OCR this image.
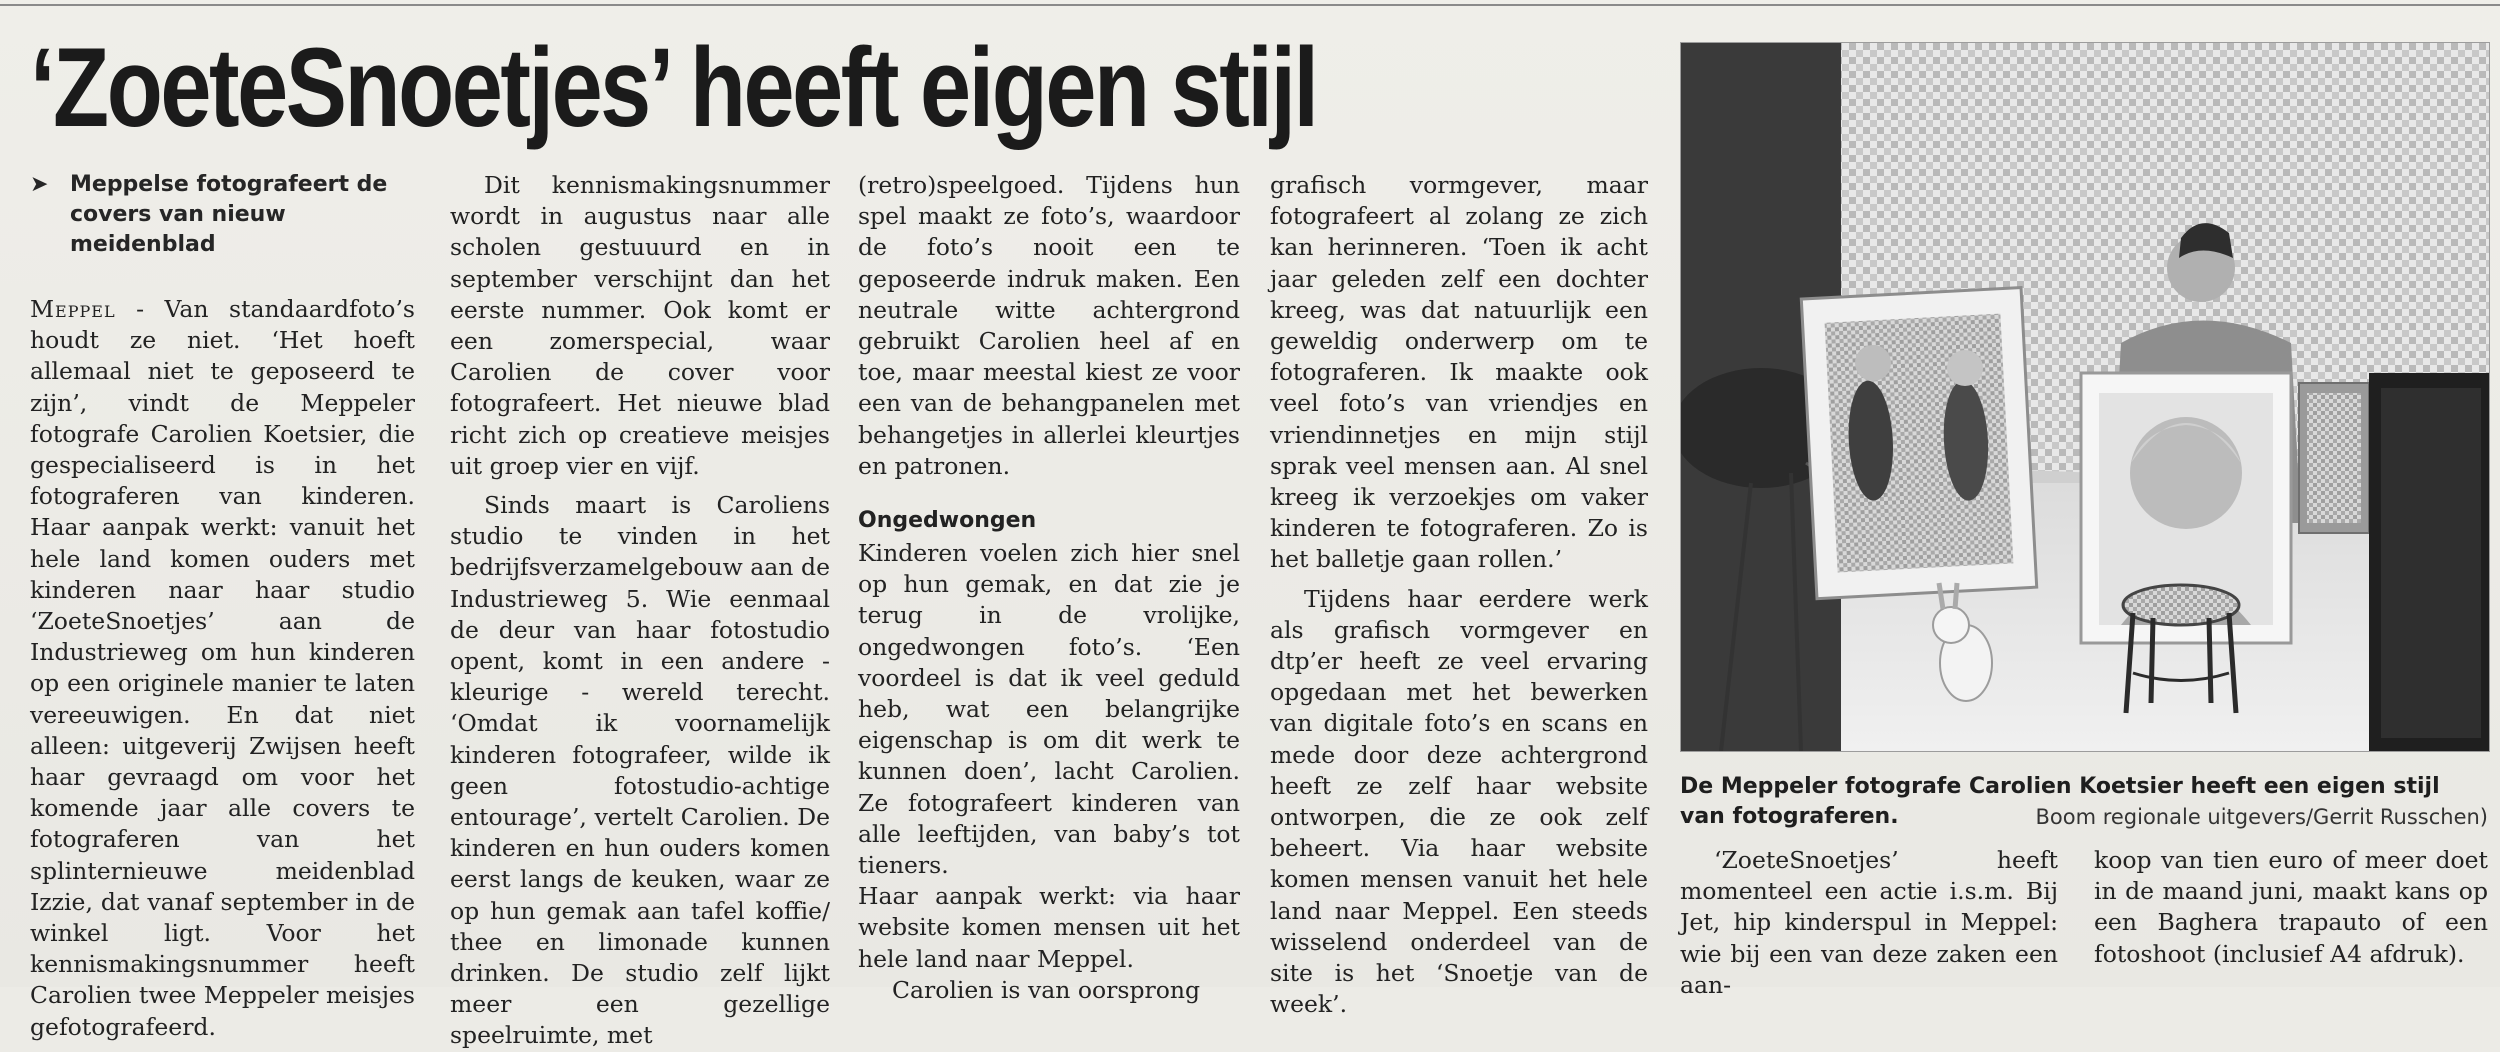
‘ZoeteSnoetjes’ heeft eigen stijl
➤ Meppelse fotografeert de covers van nieuw meidenblad

Meppel - Van standaardfoto’s houdt ze niet. ‘Het hoeft allemaal niet te geposeerd te zijn’, vindt de Meppeler fotografe Carolien Koetsier, die gespecialiseerd is in het fotograferen van kinderen. Haar aanpak werkt: vanuit het hele land komen ouders met kinderen naar haar studio ‘ZoeteSnoetjes’ aan de Industrieweg om hun kinderen op een originele manier te laten vereeuwigen. En dat niet alleen: uitgeverij Zwijsen heeft haar gevraagd om voor het komende jaar alle covers te fotograferen van het splinternieuwe meidenblad Izzie, dat vanaf september in de winkel ligt. Voor het kennismakingsnummer heeft Carolien twee Meppeler meisjes gefotografeerd.

Dit kennismakingsnummer wordt in augustus naar alle scholen gestuuurd en in september verschijnt dan het eerste nummer. Ook komt er een zomerspecial, waar Carolien de cover voor fotografeert. Het nieuwe blad richt zich op creatieve meisjes uit groep vier en vijf.

Sinds maart is Caroliens studio te vinden in het bedrijfsverzamelgebouw aan de Industrieweg 5. Wie eenmaal de deur van haar fotostudio opent, komt in een andere - kleurige - wereld terecht. ‘Omdat ik voornamelijk kinderen fotografeer, wilde ik geen fotostudio-achtige entourage’, vertelt Carolien. De kinderen en hun ouders komen eerst langs de keuken, waar ze op hun gemak aan tafel koffie/ thee en limonade kunnen drinken. De studio zelf lijkt meer een gezellige speelruimte, met

(retro)speelgoed. Tijdens hun spel maakt ze foto’s, waardoor de foto’s nooit een te geposeerde indruk maken. Een neutrale witte achtergrond gebruikt Carolien heel af en toe, maar meestal kiest ze voor een van de behangpanelen met behangetjes in allerlei kleurtjes en patronen.

Ongedwongen

Kinderen voelen zich hier snel op hun gemak, en dat zie je terug in de vrolijke, ongedwongen foto’s. ‘Een voordeel is dat ik veel geduld heb, wat een belangrijke eigenschap is om dit werk te kunnen doen’, lacht Carolien. Ze fotografeert kinderen van alle leeftijden, van baby’s tot tieners.

Haar aanpak werkt: via haar website komen mensen uit het hele land naar Meppel.

Carolien is van oorsprong

grafisch vormgever, maar fotografeert al zolang ze zich kan herinneren. ‘Toen ik acht jaar geleden zelf een dochter kreeg, was dat natuurlijk een geweldig onderwerp om te fotograferen. Ik maakte ook veel foto’s van vriendjes en vriendinnetjes en mijn stijl sprak veel mensen aan. Al snel kreeg ik verzoekjes om vaker kinderen te fotograferen. Zo is het balletje gaan rollen.’

Tijdens haar eerdere werk als grafisch vormgever en dtp’er heeft ze veel ervaring opgedaan met het bewerken van digitale foto’s en scans en mede door deze achtergrond heeft ze zelf haar website ontworpen, die ze ook zelf beheert. Via haar website komen mensen vanuit het hele land naar Meppel. Een steeds wisselend onderdeel van de site is het ‘Snoetje van de week’.

De Meppeler fotografe Carolien Koetsier heeft een eigen stijl van fotograferen.	Boom regionale uitgevers/Gerrit Russchen)

‘ZoeteSnoetjes’ heeft momenteel een actie i.s.m. Bij Jet, hip kinderspul in Meppel: wie bij een van deze zaken een aan-

koop van tien euro of meer doet in de maand juni, maakt kans op een Baghera trapauto of een fotoshoot (inclusief A4 afdruk).
